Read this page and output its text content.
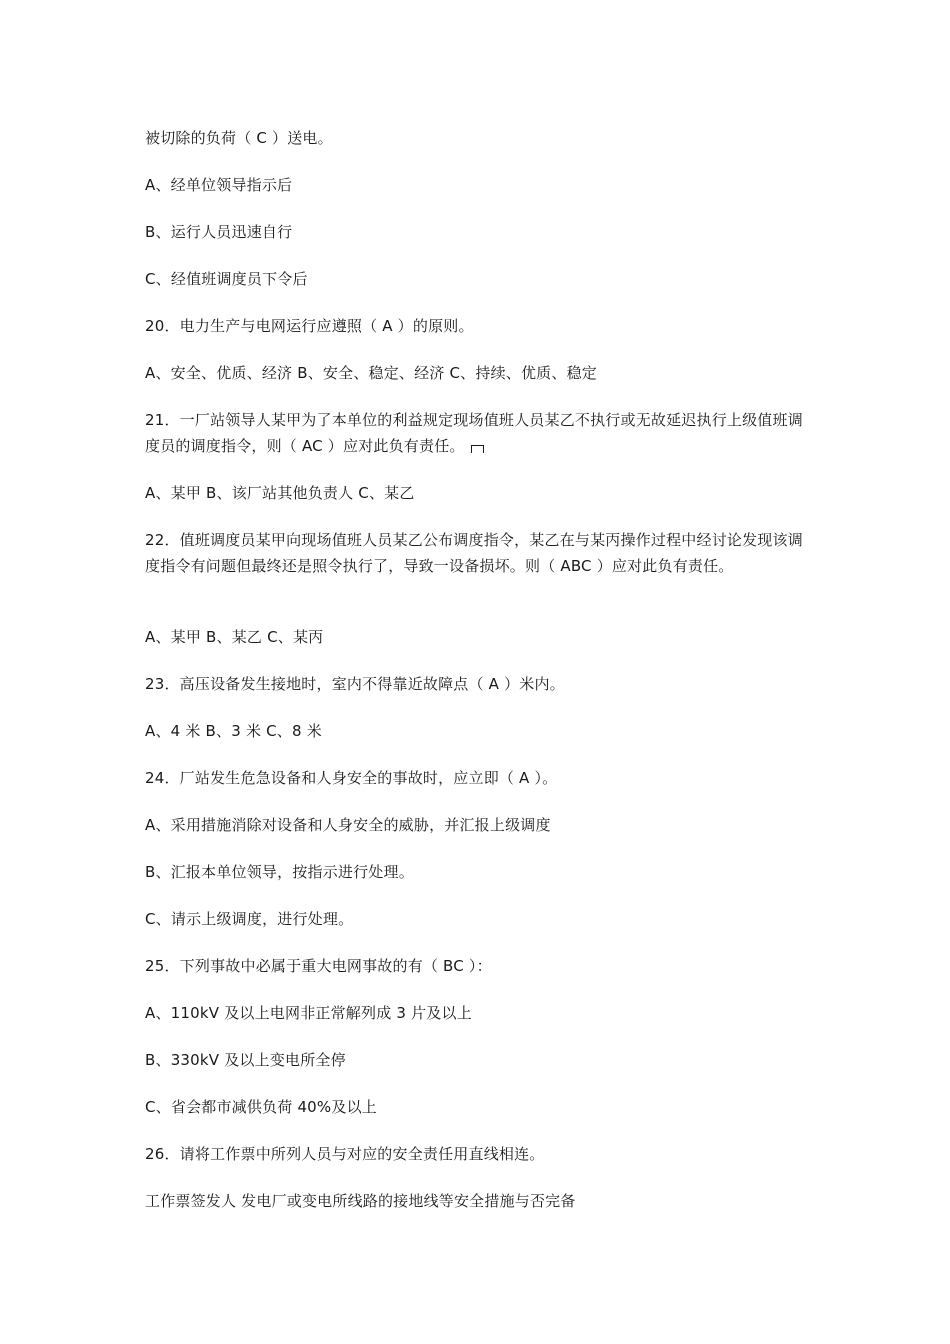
被切除的负荷（ C ）送电。
A、经单位领导指示后
B、运行人员迅速自行
C、经值班调度员下令后
20．电力生产与电网运行应遵照（ A ）的原则。
A、安全、优质、经济 B、安全、稳定、经济 C、持续、优质、稳定
21．一厂站领导人某甲为了本单位的利益规定现场值班人员某乙不执行或无故延迟执行上级值班调度员的调度指令，则（ AC ）应对此负有责任。
A、某甲 B、该厂站其他负责人 C、某乙
22．值班调度员某甲向现场值班人员某乙公布调度指令，某乙在与某丙操作过程中经讨论发现该调度指令有问题但最终还是照令执行了，导致一设备损坏。则（ ABC ）应对此负有责任。
A、某甲 B、某乙 C、某丙
23．高压设备发生接地时，室内不得靠近故障点（ A ）米内。
A、4 米 B、3 米 C、8 米
24．厂站发生危急设备和人身安全的事故时，应立即（ A ）。
A、采用措施消除对设备和人身安全的威胁，并汇报上级调度
B、汇报本单位领导，按指示进行处理。
C、请示上级调度，进行处理。
25．下列事故中必属于重大电网事故的有（ BC ）：
A、110kV 及以上电网非正常解列成 3 片及以上
B、330kV 及以上变电所全停
C、省会都市减供负荷 40%及以上
26．请将工作票中所列人员与对应的安全责任用直线相连。
工作票签发人 发电厂或变电所线路的接地线等安全措施与否完备
